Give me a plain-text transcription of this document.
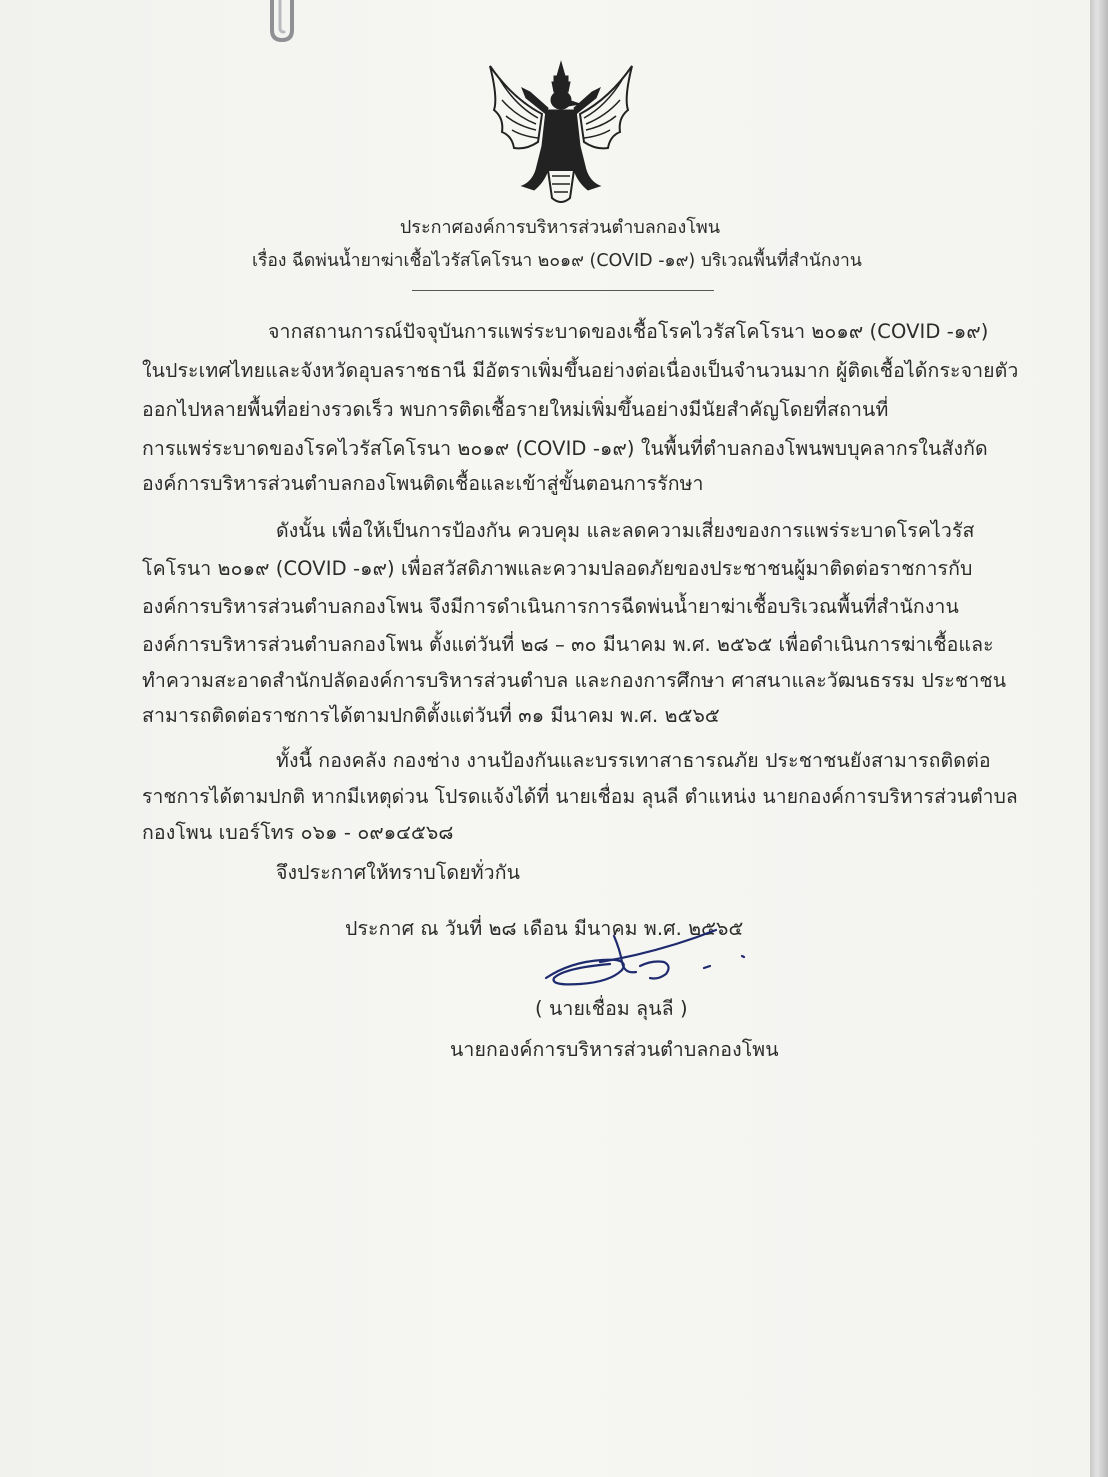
ประกาศองค์การบริหารส่วนตำบลกองโพน
เรื่อง ฉีดพ่นน้ำยาฆ่าเชื้อไวรัสโคโรนา ๒๐๑๙ (COVID -๑๙) บริเวณพื้นที่สำนักงาน
จากสถานการณ์ปัจจุบันการแพร่ระบาดของเชื้อโรคไวรัสโคโรนา ๒๐๑๙ (COVID -๑๙)
ในประเทศไทยและจังหวัดอุบลราชธานี มีอัตราเพิ่มขึ้นอย่างต่อเนื่องเป็นจำนวนมาก ผู้ติดเชื้อได้กระจายตัว
ออกไปหลายพื้นที่อย่างรวดเร็ว พบการติดเชื้อรายใหม่เพิ่มขึ้นอย่างมีนัยสำคัญโดยที่สถานที่
การแพร่ระบาดของโรคไวรัสโคโรนา ๒๐๑๙ (COVID -๑๙) ในพื้นที่ตำบลกองโพนพบบุคลากรในสังกัด
องค์การบริหารส่วนตำบลกองโพนติดเชื้อและเข้าสู่ขั้นตอนการรักษา
ดังนั้น เพื่อให้เป็นการป้องกัน ควบคุม และลดความเสี่ยงของการแพร่ระบาดโรคไวรัส
โคโรนา ๒๐๑๙ (COVID -๑๙) เพื่อสวัสดิภาพและความปลอดภัยของประชาชนผู้มาติดต่อราชการกับ
องค์การบริหารส่วนตำบลกองโพน จึงมีการดำเนินการการฉีดพ่นน้ำยาฆ่าเชื้อบริเวณพื้นที่สำนักงาน
องค์การบริหารส่วนตำบลกองโพน ตั้งแต่วันที่ ๒๘ – ๓๐ มีนาคม พ.ศ. ๒๕๖๕ เพื่อดำเนินการฆ่าเชื้อและ
ทำความสะอาดสำนักปลัดองค์การบริหารส่วนตำบล และกองการศึกษา ศาสนาและวัฒนธรรม ประชาชน
สามารถติดต่อราชการได้ตามปกติตั้งแต่วันที่ ๓๑ มีนาคม พ.ศ. ๒๕๖๕
ทั้งนี้ กองคลัง กองช่าง งานป้องกันและบรรเทาสาธารณภัย ประชาชนยังสามารถติดต่อ
ราชการได้ตามปกติ หากมีเหตุด่วน โปรดแจ้งได้ที่ นายเชื่อม ลุนลี ตำแหน่ง นายกองค์การบริหารส่วนตำบล
กองโพน เบอร์โทร ๐๖๑ - ๐๙๑๔๕๖๘
จึงประกาศให้ทราบโดยทั่วกัน
ประกาศ ณ วันที่ ๒๘ เดือน มีนาคม พ.ศ. ๒๕๖๕
( นายเชื่อม ลุนลี )
นายกองค์การบริหารส่วนตำบลกองโพน
